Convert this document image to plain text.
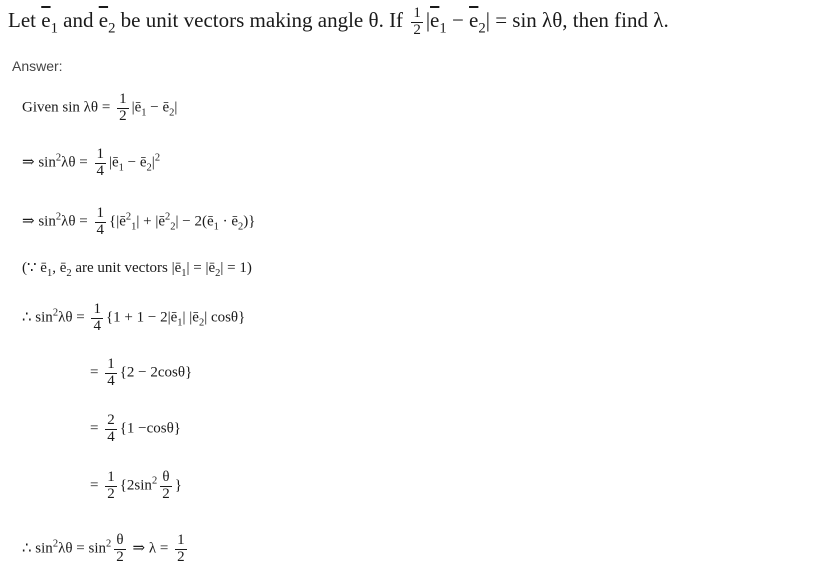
Let $\overline{e}_1$ and $\overline{e}_2$ be unit vectors making angle θ. If $\frac{1}{2} |\overline{e}_1 - \overline{e}_2| = \sin \lambda\theta$, then find λ.
Answer:
Given $\sin \lambda\theta = \frac{1}{2}$ $|ē_1$ − $ē_2|$
⇒ $\sin^2\lambda\theta = \frac{1}{4}$ $|ē_1$ − $ē_2|^2$
⇒ $\sin^2\lambda\theta = \frac{1}{4}$ {$|ē^2_1|$ + $|ē^2_2|$ − $2(ē_1$ · $ē_2$)}
(∵ $ē_1$, $ē_2$ are unit vectors $|ē_1|$ = $|ē_2| = 1$)
∴ $\sin^2\lambda\theta = \frac{1}{4} \{1 + 1$ − $2|ē_1|$ $|ē_2|$ cosθ}
= $\frac{1}{4} \{2 - 2\cos\theta\}$
= $\frac{2}{4} \{1 -\cos\theta\}$
= $\frac{1}{2} \{2\sin^2 \frac{\theta}{2}$ }
∴ $\sin^2\lambda\theta = \sin^2 \frac{\theta}{2}$ ⇒ $\lambda = \frac{1}{2}$
